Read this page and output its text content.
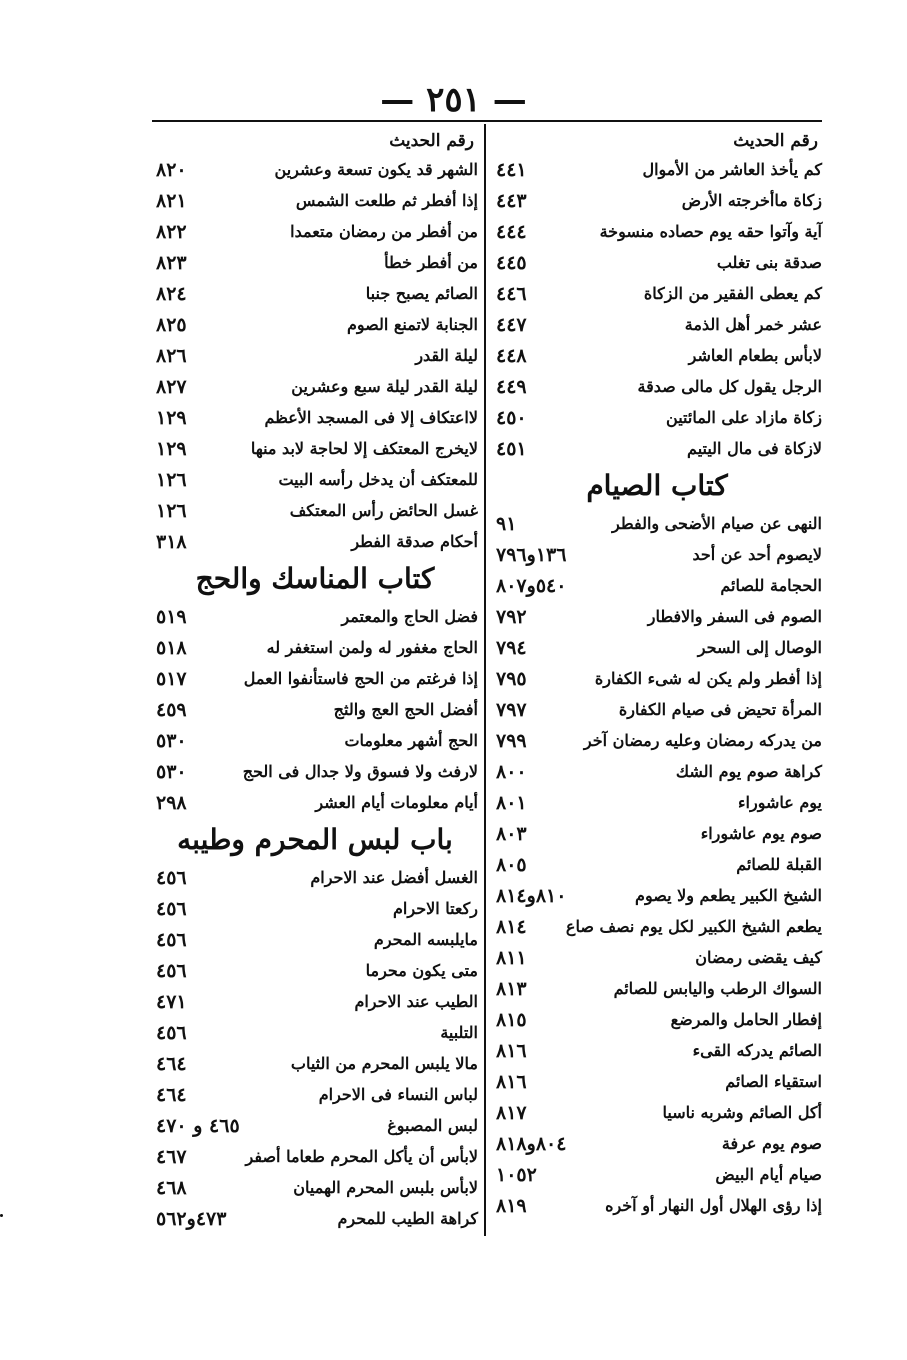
— ٢٥١ —
رقم الحديث
كم يأخذ العاشر من الأموال
٤٤١
زكاة ماأخرجته الأرض
٤٤٣
آية وآتوا حقه يوم حصاده منسوخة
٤٤٤
صدقة بنى تغلب
٤٤٥
كم يعطى الفقير من الزكاة
٤٤٦
عشر خمر أهل الذمة
٤٤٧
لابأس بطعام العاشر
٤٤٨
الرجل يقول كل مالى صدقة
٤٤٩
زكاة مازاد على المائتين
٤٥٠
لازكاة فى مال اليتيم
٤٥١
كتاب الصيام
النهى عن صيام الأضحى والفطر
٩١
لايصوم أحد عن أحد
١٣٦و٧٩٦
الحجامة للصائم
٥٤٠و٨٠٧
الصوم فى السفر والافطار
٧٩٢
الوصال إلى السحر
٧٩٤
إذا أفطر ولم يكن له شىء الكفارة
٧٩٥
المرأة تحيض فى صيام الكفارة
٧٩٧
من يدركه رمضان وعليه رمضان آخر
٧٩٩
كراهة صوم يوم الشك
٨٠٠
يوم عاشوراء
٨٠١
صوم يوم عاشوراء
٨٠٣
القبلة للصائم
٨٠٥
الشيخ الكبير يطعم ولا يصوم
٨١٠و٨١٤
يطعم الشيخ الكبير لكل يوم نصف صاع
٨١٤
كيف يقضى رمضان
٨١١
السواك الرطب واليابس للصائم
٨١٣
إفطار الحامل والمرضع
٨١٥
الصائم يدركه القىء
٨١٦
استقياء الصائم
٨١٦
أكل الصائم وشربه ناسيا
٨١٧
صوم يوم عرفة
٨٠٤و٨١٨
صيام أيام البيض
١٠٥٢
إذا رؤى الهلال أول النهار أو آخره
٨١٩
رقم الحديث
الشهر قد يكون تسعة وعشرين
٨٢٠
إذا أفطر ثم طلعت الشمس
٨٢١
من أفطر من رمضان متعمدا
٨٢٢
من أفطر خطأ
٨٢٣
الصائم يصبح جنبا
٨٢٤
الجنابة لاتمنع الصوم
٨٢٥
ليلة القدر
٨٢٦
ليلة القدر ليلة سبع وعشرين
٨٢٧
لااعتكاف إلا فى المسجد الأعظم
١٢٩
لايخرج المعتكف إلا لحاجة لابد منها
١٢٩
للمعتكف أن يدخل رأسه البيت
١٢٦
غسل الحائض رأس المعتكف
١٢٦
أحكام صدقة الفطر
٣١٨
كتاب المناسك والحج
فضل الحاج والمعتمر
٥١٩
الحاج مغفور له ولمن استغفر له
٥١٨
إذا فرغتم من الحج فاستأنفوا العمل
٥١٧
أفضل الحج العج والثج
٤٥٩
الحج أشهر معلومات
٥٣٠
لارفث ولا فسوق ولا جدال فى الحج
٥٣٠
أيام معلومات أيام العشر
٢٩٨
باب لبس المحرم وطيبه
الغسل أفضل عند الاحرام
٤٥٦
ركعتا الاحرام
٤٥٦
مايلبسه المحرم
٤٥٦
متى يكون محرما
٤٥٦
الطيب عند الاحرام
٤٧١
التلبية
٤٥٦
مالا يلبس المحرم من الثياب
٤٦٤
لباس النساء فى الاحرام
٤٦٤
لبس المصبوغ
٤٦٥ و ٤٧٠
لابأس أن يأكل المحرم طعاما أصفر
٤٦٧
لابأس بلبس المحرم الهميان
٤٦٨
كراهة الطيب للمحرم
٤٧٣و٥٦٢
